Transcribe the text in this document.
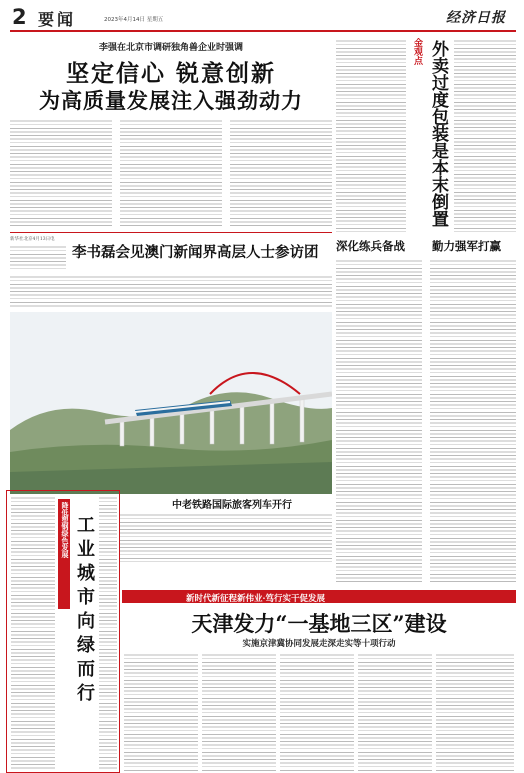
2 要闻	2023年4月14日 星期五	经济日报
李强在北京市调研独角兽企业时强调
坚定信心 锐意创新
为高质量发展注入强劲动力
金观点 外卖过度包装是本末倒置
新华社北京4月13日电
李书磊会见澳门新闻界高层人士参访团	深化练兵备战 勤力强军打赢
中老铁路国际旅客列车开行
降低塑钢绿色发展 工业城市向绿而行	新时代新征程新伟业·笃行实干促发展
天津发力“一基地三区”建设
实施京津冀协同发展走深走实等十项行动
